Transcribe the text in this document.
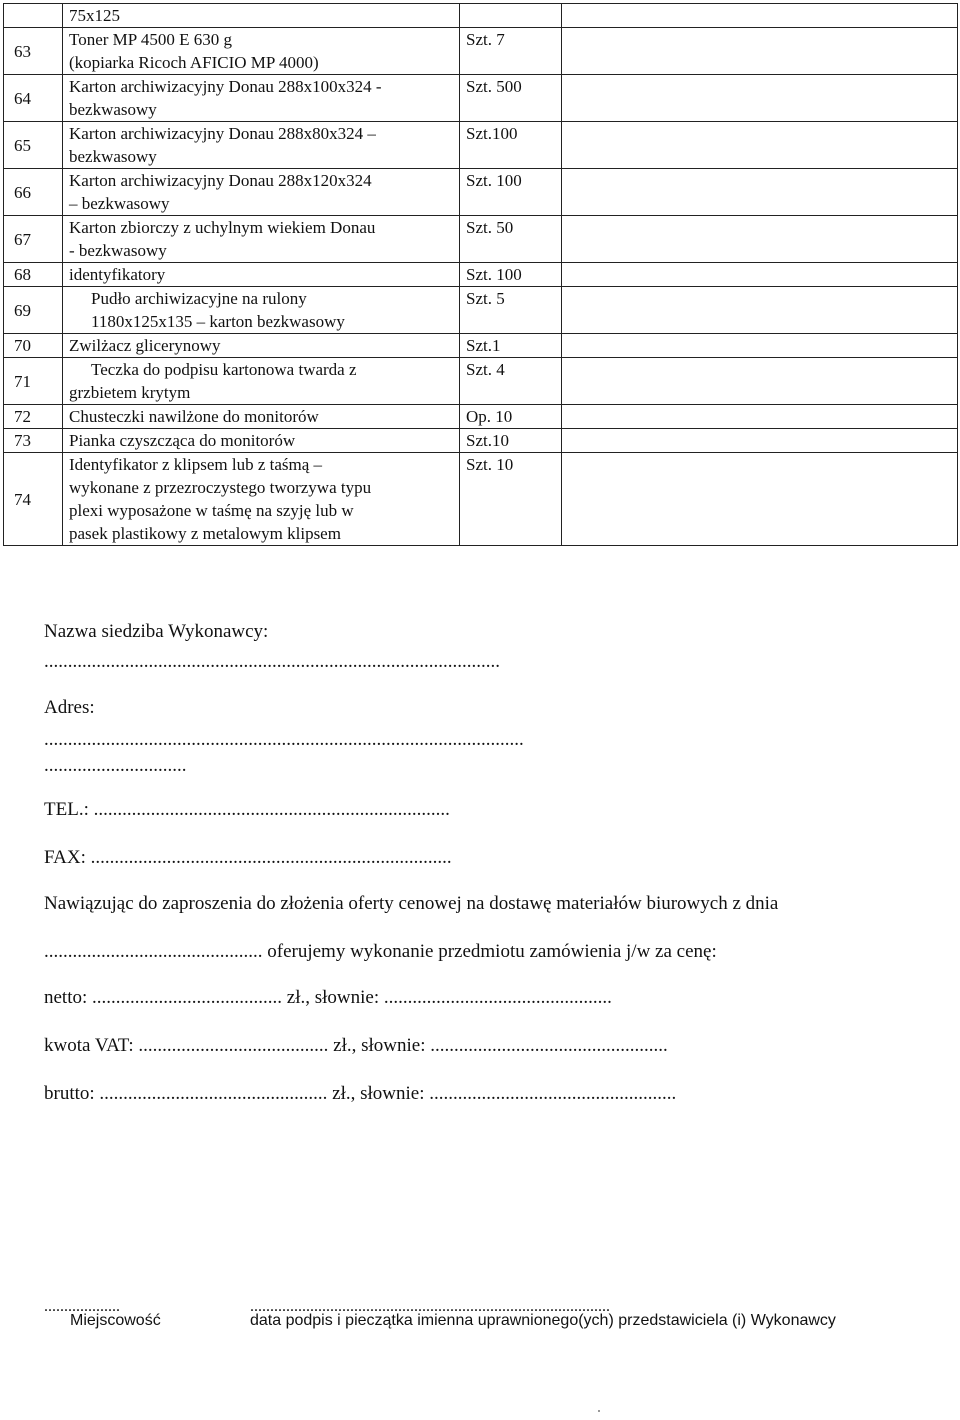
	75x125		

63	Toner MP 4500 E 630 g
(kopiarka Ricoch AFICIO MP 4000)	Szt. 7	
64	Karton archiwizacyjny Donau 288x100x324 -
bezkwasowy	Szt. 500	
65	Karton archiwizacyjny Donau 288x80x324 –
bezkwasowy	Szt.100	
66	Karton archiwizacyjny Donau 288x120x324
– bezkwasowy	Szt. 100	
67	Karton zbiorczy z uchylnym wiekiem Donau
- bezkwasowy	Szt. 50	
68	identyfikatory	Szt. 100	
69	Pudło archiwizacyjne na rulony
1180x125x135 – karton bezkwasowy	Szt. 5	
70	Zwilżacz glicerynowy	Szt.1	
71	Teczka do podpisu kartonowa twarda z
grzbietem krytym	Szt. 4	
72	Chusteczki nawilżone do monitorów	Op. 10	
73	Pianka czyszcząca do monitorów	Szt.10	
74	Identyfikator z klipsem lub z taśmą –
wykonane z przezroczystego tworzywa typu
plexi wyposażone w taśmę na szyję lub w
pasek plastikowy z metalowym klipsem	Szt. 10	
Nazwa siedziba Wykonawcy:
................................................................................................
Adres:
.....................................................................................................
..............................
TEL.: ...........................................................................
FAX: ............................................................................
Nawiązując do zaproszenia do złożenia oferty cenowej na dostawę materiałów biurowych z dnia
.............................................. oferujemy wykonanie przedmiotu zamówienia j/w za cenę:
netto: ........................................ zł., słownie: ................................................
kwota VAT: ........................................ zł., słownie: ..................................................
brutto: ................................................ zł., słownie: ....................................................
...................
Miejscowość
..........................................................................................
data podpis i pieczątka imienna uprawnionego(ych) przedstawiciela (i) Wykonawcy
